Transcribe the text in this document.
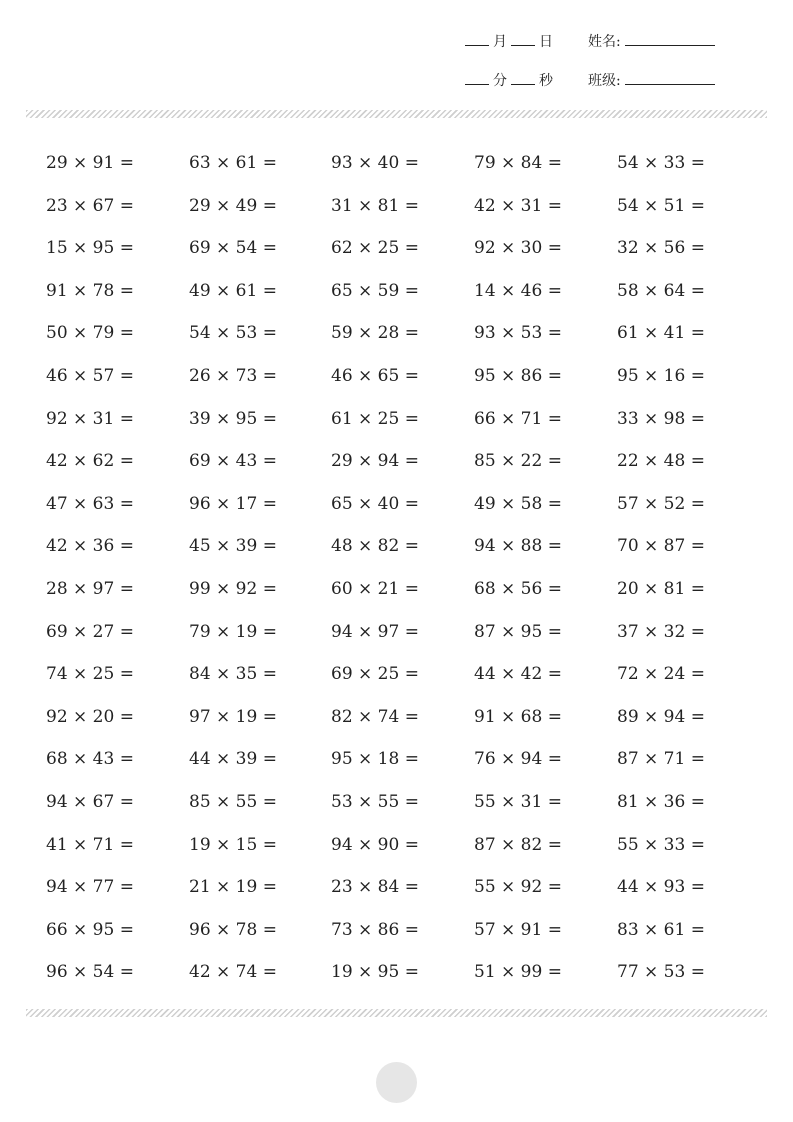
月 日	姓名:
分 秒	班级:
29 × 91 =	63 × 61 =	93 × 40 =	79 × 84 =	54 × 33 =
23 × 67 =	29 × 49 =	31 × 81 =	42 × 31 =	54 × 51 =
15 × 95 =	69 × 54 =	62 × 25 =	92 × 30 =	32 × 56 =
91 × 78 =	49 × 61 =	65 × 59 =	14 × 46 =	58 × 64 =
50 × 79 =	54 × 53 =	59 × 28 =	93 × 53 =	61 × 41 =
46 × 57 =	26 × 73 =	46 × 65 =	95 × 86 =	95 × 16 =
92 × 31 =	39 × 95 =	61 × 25 =	66 × 71 =	33 × 98 =
42 × 62 =	69 × 43 =	29 × 94 =	85 × 22 =	22 × 48 =
47 × 63 =	96 × 17 =	65 × 40 =	49 × 58 =	57 × 52 =
42 × 36 =	45 × 39 =	48 × 82 =	94 × 88 =	70 × 87 =
28 × 97 =	99 × 92 =	60 × 21 =	68 × 56 =	20 × 81 =
69 × 27 =	79 × 19 =	94 × 97 =	87 × 95 =	37 × 32 =
74 × 25 =	84 × 35 =	69 × 25 =	44 × 42 =	72 × 24 =
92 × 20 =	97 × 19 =	82 × 74 =	91 × 68 =	89 × 94 =
68 × 43 =	44 × 39 =	95 × 18 =	76 × 94 =	87 × 71 =
94 × 67 =	85 × 55 =	53 × 55 =	55 × 31 =	81 × 36 =
41 × 71 =	19 × 15 =	94 × 90 =	87 × 82 =	55 × 33 =
94 × 77 =	21 × 19 =	23 × 84 =	55 × 92 =	44 × 93 =
66 × 95 =	96 × 78 =	73 × 86 =	57 × 91 =	83 × 61 =
96 × 54 =	42 × 74 =	19 × 95 =	51 × 99 =	77 × 53 =
